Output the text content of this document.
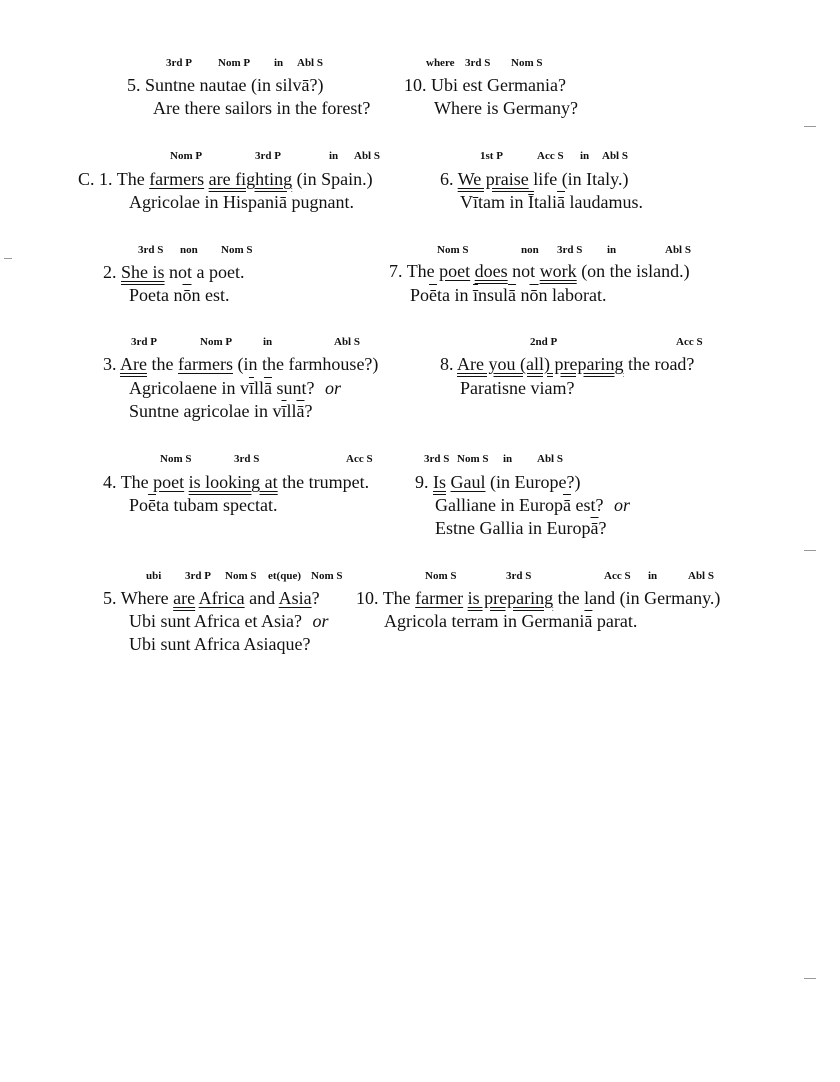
3rd P Nom P in Abl S
5. Suntne nautae (in silvā?)
Are there sailors in the forest?
where 3rd S Nom S
10. Ubi est Germania?
Where is Germany?
Nom P	3rd P	in Abl S
C. 1. The farmers are fighting (in Spain.)
Agricolae in $Hispani\overline{ā}$ pugnant.
1st P	Acc S in Abl S
6. We praise life (in Italy.)
$V\overline{ī}tam$ in $\overline{Ī}tali\overline{ā}$ laudamus.
3rd S non Nom S
2. She is not a poet.
Poeta $n\overline{ō}n$ est.
Nom S	non 3rd S in	Abl S
7. The poet does not work (on the island.)
$Po\overline{ē}ta$ in $\overline{ī}nsul\overline{ā}$ $n\overline{ō}n$ laborat.
3rd P	Nom P	in	Abl S
3. Are the farmers (in the farmhouse?)
Agricolaene in $v\overline{ī}ll\overline{ā}$ sunt? or
Suntne agricolae in $v\overline{ī}ll\overline{ā}$?
2nd P	Acc S
8. Are you (all) preparing the road?
Paratisne viam?
Nom S	3rd S	Acc S
4. The poet is looking at the trumpet.
$Po\overline{ē}ta$ tubam spectat.
3rd S Nom S in Abl S
9. Is Gaul (in Europe?)
Galliane in $Europ\overline{ā}$ est? or
Estne Gallia in $Europ\overline{ā}$?
ubi 3rd P Nom S et(que) Nom S
5. Where are Africa and Asia?
Ubi sunt Africa et Asia? or
Ubi sunt Africa Asiaque?
Nom S	3rd S	Acc S in	Abl S
10. The farmer is preparing the land (in Germany.)
Agricola terram in $Germani\overline{ā}$ parat.
